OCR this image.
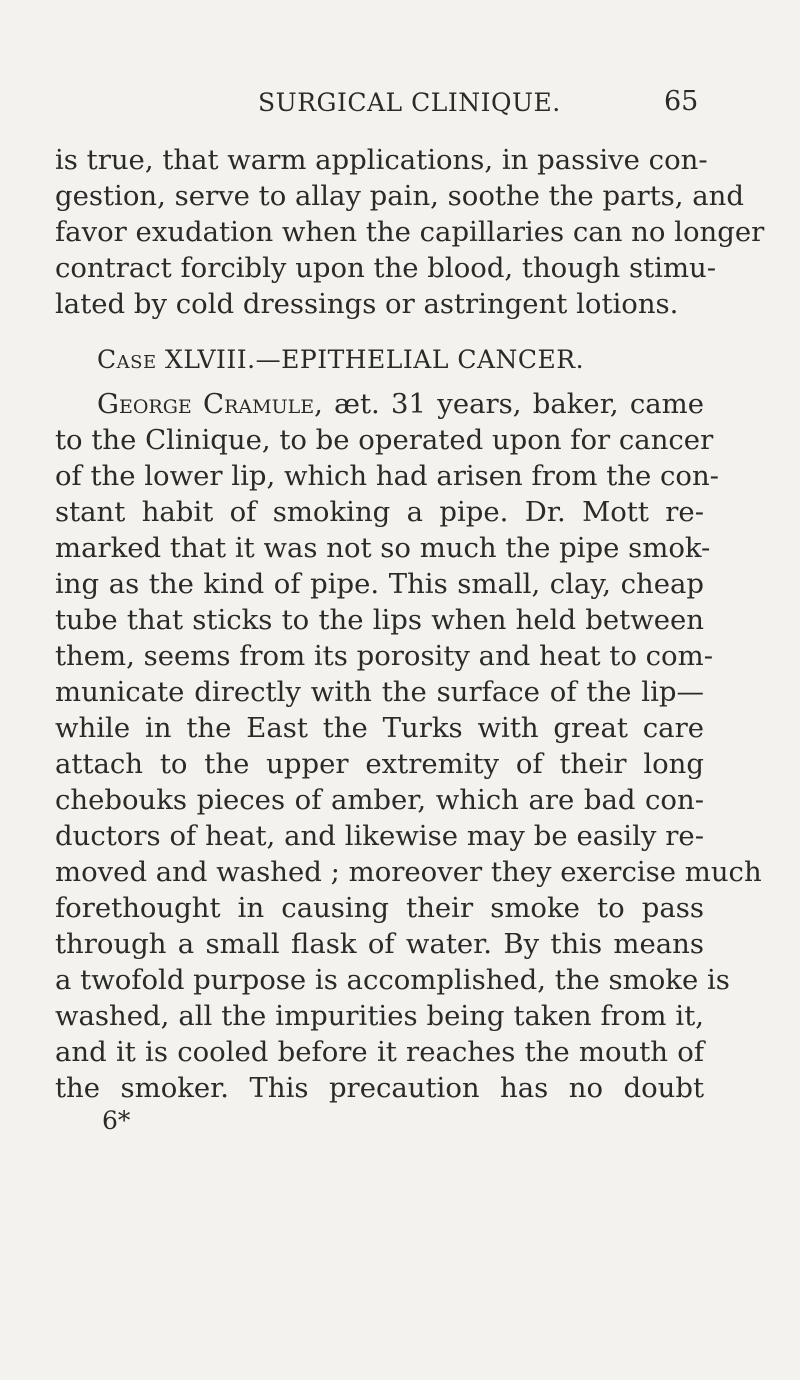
SURGICAL CLINIQUE.	65
is true, that warm applications, in passive con-
gestion, serve to allay pain, soothe the parts, and
favor exudation when the capillaries can no longer
contract forcibly upon the blood, though stimu-
lated by cold dressings or astringent lotions.
Case XLVIII.—EPITHELIAL CANCER.
George Cramule, æt. 31 years, baker, came
to the Clinique, to be operated upon for cancer
of the lower lip, which had arisen from the con-
stant habit of smoking a pipe. Dr. Mott re-
marked that it was not so much the pipe smok-
ing as the kind of pipe. This small, clay, cheap
tube that sticks to the lips when held between
them, seems from its porosity and heat to com-
municate directly with the surface of the lip—
while in the East the Turks with great care
attach to the upper extremity of their long
chebouks pieces of amber, which are bad con-
ductors of heat, and likewise may be easily re-
moved and washed ; moreover they exercise much
forethought in causing their smoke to pass
through a small flask of water. By this means
a twofold purpose is accomplished, the smoke is
washed, all the impurities being taken from it,
and it is cooled before it reaches the mouth of
the smoker. This precaution has no doubt
6*
